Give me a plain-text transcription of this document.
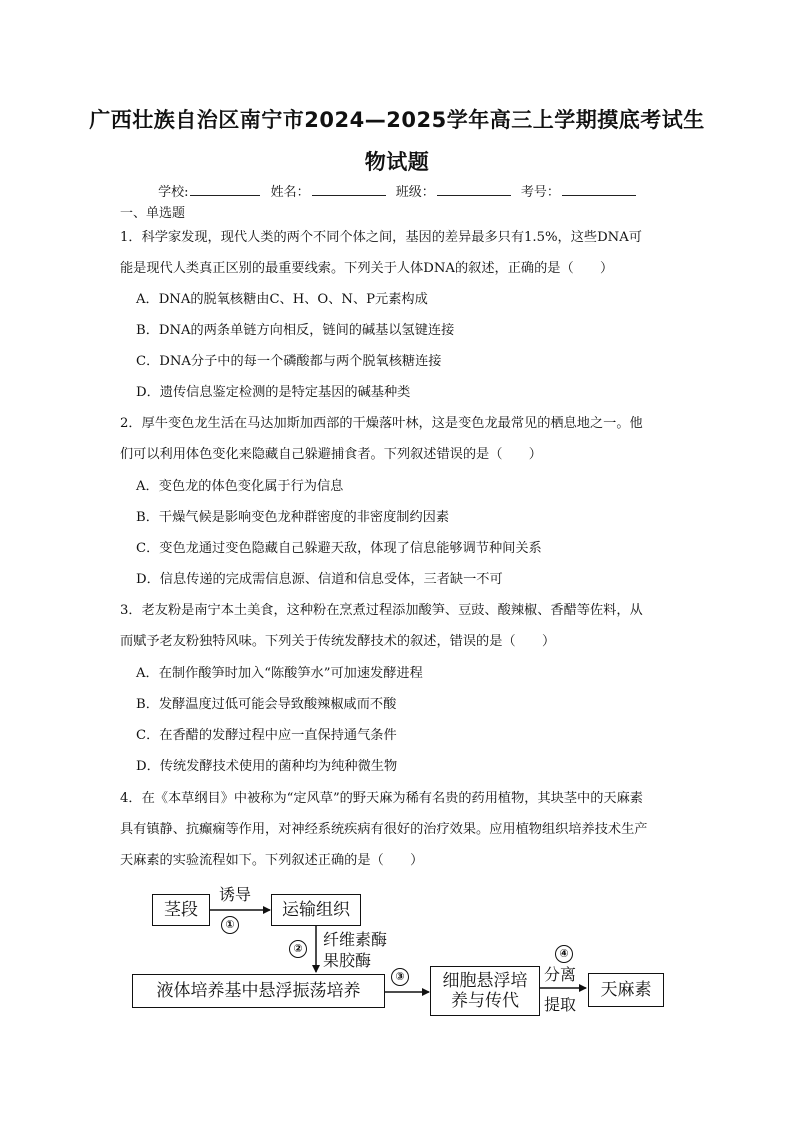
广西壮族自治区南宁市2024—2025学年高三上学期摸底考试生
物试题
学校:	姓名：	班级：	考号：
一、单选题
1．科学家发现，现代人类的两个不同个体之间，基因的差异最多只有1.5%，这些DNA可
能是现代人类真正区别的最重要线索。下列关于人体DNA的叙述，正确的是（　　）
A．DNA的脱氧核糖由C、H、O、N、P元素构成
B．DNA的两条单链方向相反，链间的碱基以氢键连接
C．DNA分子中的每一个磷酸都与两个脱氧核糖连接
D．遗传信息鉴定检测的是特定基因的碱基种类
2．厚牛变色龙生活在马达加斯加西部的干燥落叶林，这是变色龙最常见的栖息地之一。他
们可以利用体色变化来隐藏自己躲避捕食者。下列叙述错误的是（　　）
A．变色龙的体色变化属于行为信息
B．干燥气候是影响变色龙种群密度的非密度制约因素
C．变色龙通过变色隐藏自己躲避天敌，体现了信息能够调节种间关系
D．信息传递的完成需信息源、信道和信息受体，三者缺一不可
3．老友粉是南宁本土美食，这种粉在烹煮过程添加酸笋、豆豉、酸辣椒、香醋等佐料，从
而赋予老友粉独特风味。下列关于传统发酵技术的叙述，错误的是（　　）
A．在制作酸笋时加入“陈酸笋水”可加速发酵进程
B．发酵温度过低可能会导致酸辣椒咸而不酸
C．在香醋的发酵过程中应一直保持通气条件
D．传统发酵技术使用的菌种均为纯种微生物
4．在《本草纲目》中被称为“定风草”的野天麻为稀有名贵的药用植物，其块茎中的天麻素
具有镇静、抗癫痫等作用，对神经系统疾病有很好的治疗效果。应用植物组织培养技术生产
天麻素的实验流程如下。下列叙述正确的是（　　）
茎段	运输组织
液体培养基中悬浮振荡培养
细胞悬浮培
养与传代
天麻素
诱导
①
② 纤维素酶
果胶酶
③
④
分离
提取
